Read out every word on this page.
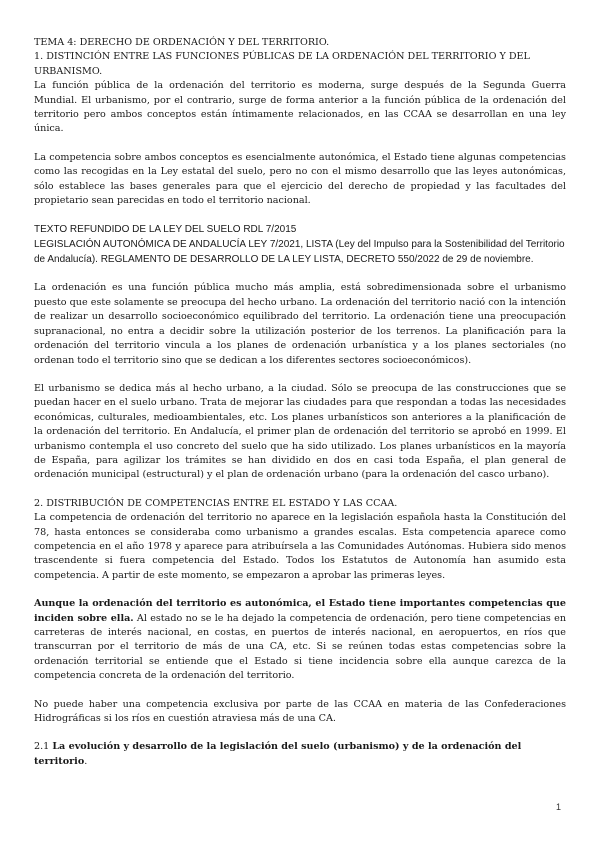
TEMA 4: DERECHO DE ORDENACIÓN Y DEL TERRITORIO.

1. DISTINCIÓN ENTRE LAS FUNCIONES PÚBLICAS DE LA ORDENACIÓN DEL TERRITORIO Y DEL URBANISMO.

La función pública de la ordenación del territorio es moderna, surge después de la Segunda Guerra Mundial. El urbanismo, por el contrario, surge de forma anterior a la función pública de la ordenación del territorio pero ambos conceptos están íntimamente relacionados, en las CCAA se desarrollan en una ley única.

La competencia sobre ambos conceptos es esencialmente autonómica, el Estado tiene algunas competencias como las recogidas en la Ley estatal del suelo, pero no con el mismo desarrollo que las leyes autonómicas, sólo establece las bases generales para que el ejercicio del derecho de propiedad y las facultades del propietario sean parecidas en todo el territorio nacional.

TEXTO REFUNDIDO DE LA LEY DEL SUELO RDL 7/2015

LEGISLACIÓN AUTONÓMICA DE ANDALUCÍA LEY 7/2021, LISTA (Ley del Impulso para la Sostenibilidad del Territorio de Andalucía). REGLAMENTO DE DESARROLLO DE LA LEY LISTA, DECRETO 550/2022 de 29 de noviembre.

La ordenación es una función pública mucho más amplia, está sobredimensionada sobre el urbanismo puesto que este solamente se preocupa del hecho urbano. La ordenación del territorio nació con la intención de realizar un desarrollo socioeconómico equilibrado del territorio. La ordenación tiene una preocupación supranacional, no entra a decidir sobre la utilización posterior de los terrenos. La planificación para la ordenación del territorio vincula a los planes de ordenación urbanística y a los planes sectoriales (no ordenan todo el territorio sino que se dedican a los diferentes sectores socioeconómicos).

El urbanismo se dedica más al hecho urbano, a la ciudad. Sólo se preocupa de las construcciones que se puedan hacer en el suelo urbano. Trata de mejorar las ciudades para que respondan a todas las necesidades económicas, culturales, medioambientales, etc. Los planes urbanísticos son anteriores a la planificación de la ordenación del territorio. En Andalucía, el primer plan de ordenación del territorio se aprobó en 1999. El urbanismo contempla el uso concreto del suelo que ha sido utilizado. Los planes urbanísticos en la mayoría de España, para agilizar los trámites se han dividido en dos en casi toda España, el plan general de ordenación municipal (estructural) y el plan de ordenación urbano (para la ordenación del casco urbano).

2. DISTRIBUCIÓN DE COMPETENCIAS ENTRE EL ESTADO Y LAS CCAA.

La competencia de ordenación del territorio no aparece en la legislación española hasta la Constitución del 78, hasta entonces se consideraba como urbanismo a grandes escalas. Esta competencia aparece como competencia en el año 1978 y aparece para atribuírsela a las Comunidades Autónomas. Hubiera sido menos trascendente si fuera competencia del Estado. Todos los Estatutos de Autonomía han asumido esta competencia. A partir de este momento, se empezaron a aprobar las primeras leyes.

Aunque la ordenación del territorio es autonómica, el Estado tiene importantes competencias que inciden sobre ella. Al estado no se le ha dejado la competencia de ordenación, pero tiene competencias en carreteras de interés nacional, en costas, en puertos de interés nacional, en aeropuertos, en ríos que transcurran por el territorio de más de una CA, etc. Si se reúnen todas estas competencias sobre la ordenación territorial se entiende que el Estado si tiene incidencia sobre ella aunque carezca de la competencia concreta de la ordenación del territorio.

No puede haber una competencia exclusiva por parte de las CCAA en materia de las Confederaciones Hidrográficas si los ríos en cuestión atraviesa más de una CA.

2.1 La evolución y desarrollo de la legislación del suelo (urbanismo) y de la ordenación del territorio.

1
